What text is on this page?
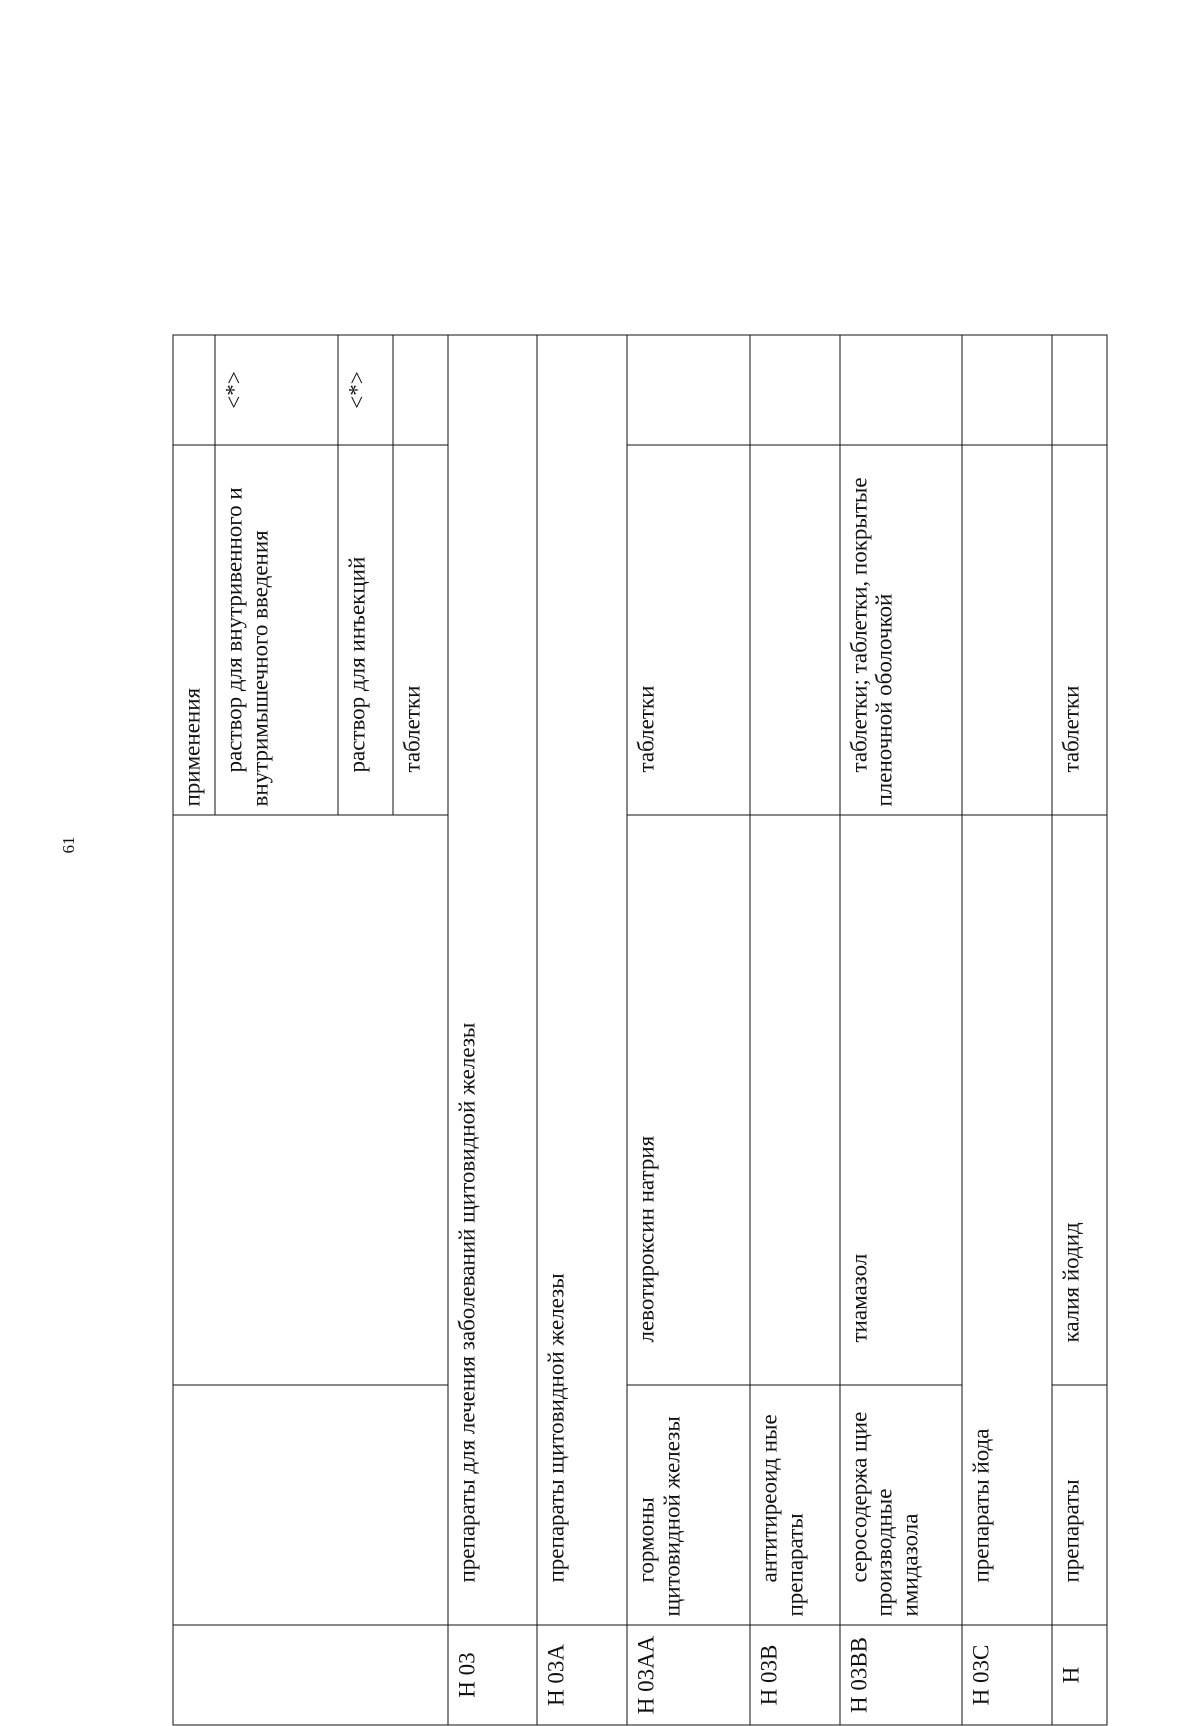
61
			применения	
			раствор для внутривенного и внутримышечного введения	<*>
			раствор для инъекций	<*>
			таблетки	
H 03	препараты для лечения заболеваний щитовидной железы			
H 03A	препараты щитовидной железы			
H 03AA	гормоны щитовидной железы	левотироксин натрия	таблетки	
H 03B	антитиреоид ные препараты			
H 03BB	серосодержа щие производные имидазола	тиамазол	таблетки; таблетки, покрытые пленочной оболочкой	
H 03C	препараты йода			
H	препараты	калия йодид	таблетки	
